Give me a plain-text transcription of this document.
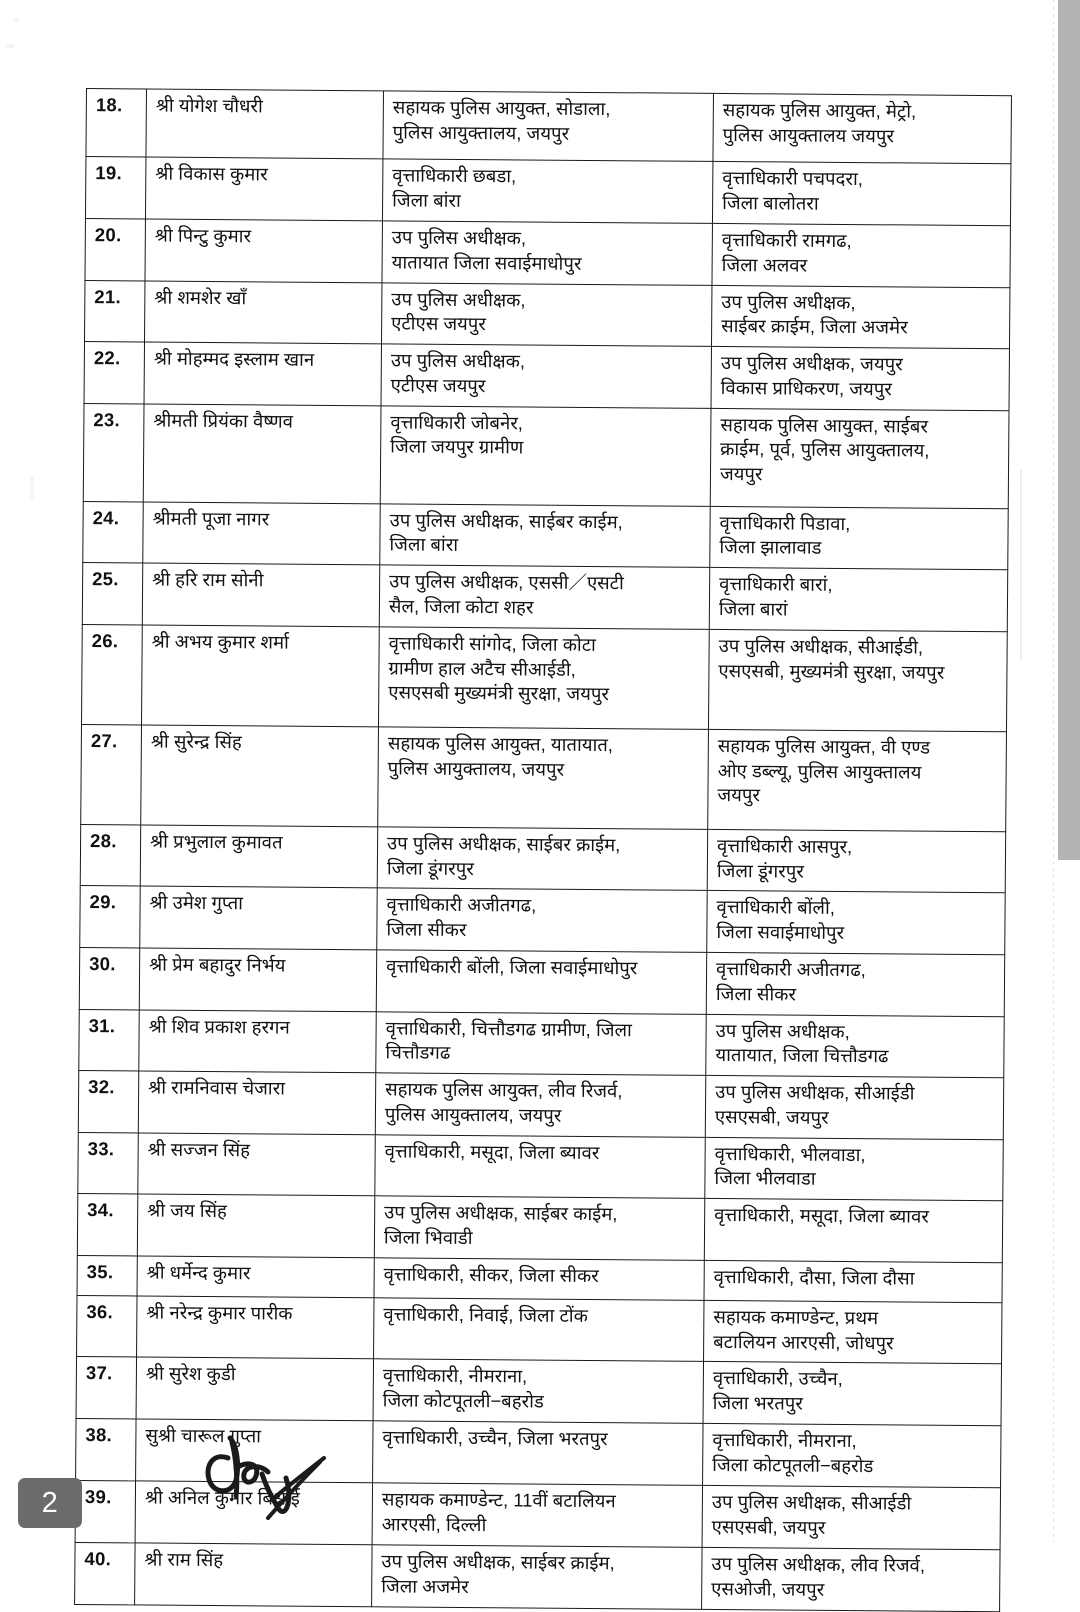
18.	श्री योगेश चौधरी	सहायक पुलिस आयुक्त, सोडाला,
पुलिस आयुक्तालय, जयपुर	सहायक पुलिस आयुक्त, मेट्रो,
पुलिस आयुक्तालय जयपुर

19.	श्री विकास कुमार	वृत्ताधिकारी छबडा,
जिला बांरा	वृत्ताधिकारी पचपदरा,
जिला बालोतरा

20.	श्री पिन्टु कुमार	उप पुलिस अधीक्षक,
यातायात जिला सवाईमाधोपुर	वृत्ताधिकारी रामगढ,
जिला अलवर

21.	श्री शमशेर खॉं	उप पुलिस अधीक्षक,
एटीएस जयपुर	उप पुलिस अधीक्षक,
साईबर क्राईम, जिला अजमेर

22.	श्री मोहम्मद इस्लाम खान	उप पुलिस अधीक्षक,
एटीएस जयपुर	उप पुलिस अधीक्षक, जयपुर
विकास प्राधिकरण, जयपुर

23.	श्रीमती प्रियंका वैष्णव	वृत्ताधिकारी जोबनेर,
जिला जयपुर ग्रामीण	सहायक पुलिस आयुक्त, साईबर
क्राईम, पूर्व, पुलिस आयुक्तालय,
जयपुर

24.	श्रीमती पूजा नागर	उप पुलिस अधीक्षक, साईबर काईम,
जिला बांरा	वृत्ताधिकारी पिडावा,
जिला झालावाड

25.	श्री हरि राम सोनी	उप पुलिस अधीक्षक, एससी／एसटी
सैल, जिला कोटा शहर	वृत्ताधिकारी बारां,
जिला बारां

26.	श्री अभय कुमार शर्मा	वृत्ताधिकारी सांगोद, जिला कोटा
ग्रामीण हाल अटैच सीआईडी,
एसएसबी मुख्यमंत्री सुरक्षा, जयपुर	उप पुलिस अधीक्षक, सीआईडी,
एसएसबी, मुख्यमंत्री सुरक्षा, जयपुर

27.	श्री सुरेन्द्र सिंह	सहायक पुलिस आयुक्त, यातायात,
पुलिस आयुक्तालय, जयपुर	सहायक पुलिस आयुक्त, वी एण्ड
ओए डब्ल्यू, पुलिस आयुक्तालय
जयपुर

28.	श्री प्रभुलाल कुमावत	उप पुलिस अधीक्षक, साईबर क्राईम,
जिला डूंगरपुर	वृत्ताधिकारी आसपुर,
जिला डूंगरपुर

29.	श्री उमेश गुप्ता	वृत्ताधिकारी अजीतगढ,
जिला सीकर	वृत्ताधिकारी बोंली,
जिला सवाईमाधोपुर

30.	श्री प्रेम बहादुर निर्भय	वृत्ताधिकारी बोंली, जिला सवाईमाधोपुर	वृत्ताधिकारी अजीतगढ,
जिला सीकर

31.	श्री शिव प्रकाश हरगन	वृत्ताधिकारी, चित्तौडगढ ग्रामीण, जिला
चित्तौडगढ	उप पुलिस अधीक्षक,
यातायात, जिला चित्तौडगढ

32.	श्री रामनिवास चेजारा	सहायक पुलिस आयुक्त, लीव रिजर्व,
पुलिस आयुक्तालय, जयपुर	उप पुलिस अधीक्षक, सीआईडी
एसएसबी, जयपुर

33.	श्री सज्जन सिंह	वृत्ताधिकारी, मसूदा, जिला ब्यावर	वृत्ताधिकारी, भीलवाडा,
जिला भीलवाडा

34.	श्री जय सिंह	उप पुलिस अधीक्षक, साईबर काईम,
जिला भिवाडी	वृत्ताधिकारी, मसूदा, जिला ब्यावर

35.	श्री धर्मेन्द कुमार	वृत्ताधिकारी, सीकर, जिला सीकर	वृत्ताधिकारी, दौसा, जिला दौसा

36.	श्री नरेन्द्र कुमार पारीक	वृत्ताधिकारी, निवाई, जिला टोंक	सहायक कमाण्डेन्ट, प्रथम
बटालियन आरएसी, जोधपुर

37.	श्री सुरेश कुडी	वृत्ताधिकारी, नीमराना,
जिला कोटपूतली−बहरोड	वृत्ताधिकारी, उच्चैन,
जिला भरतपुर

38.	सुश्री चारूल गुप्ता	वृत्ताधिकारी, उच्चैन, जिला भरतपुर	वृत्ताधिकारी, नीमराना,
जिला कोटपूतली−बहरोड

39.	श्री अनिल कुमार बिश्नोई	सहायक कमाण्डेन्ट, 11वीं बटालियन
आरएसी, दिल्ली	उप पुलिस अधीक्षक, सीआईडी
एसएसबी, जयपुर

40.	श्री राम सिंह	उप पुलिस अधीक्षक, साईबर क्राईम,
जिला अजमेर	उप पुलिस अधीक्षक, लीव रिजर्व,
एसओजी, जयपुर
2
